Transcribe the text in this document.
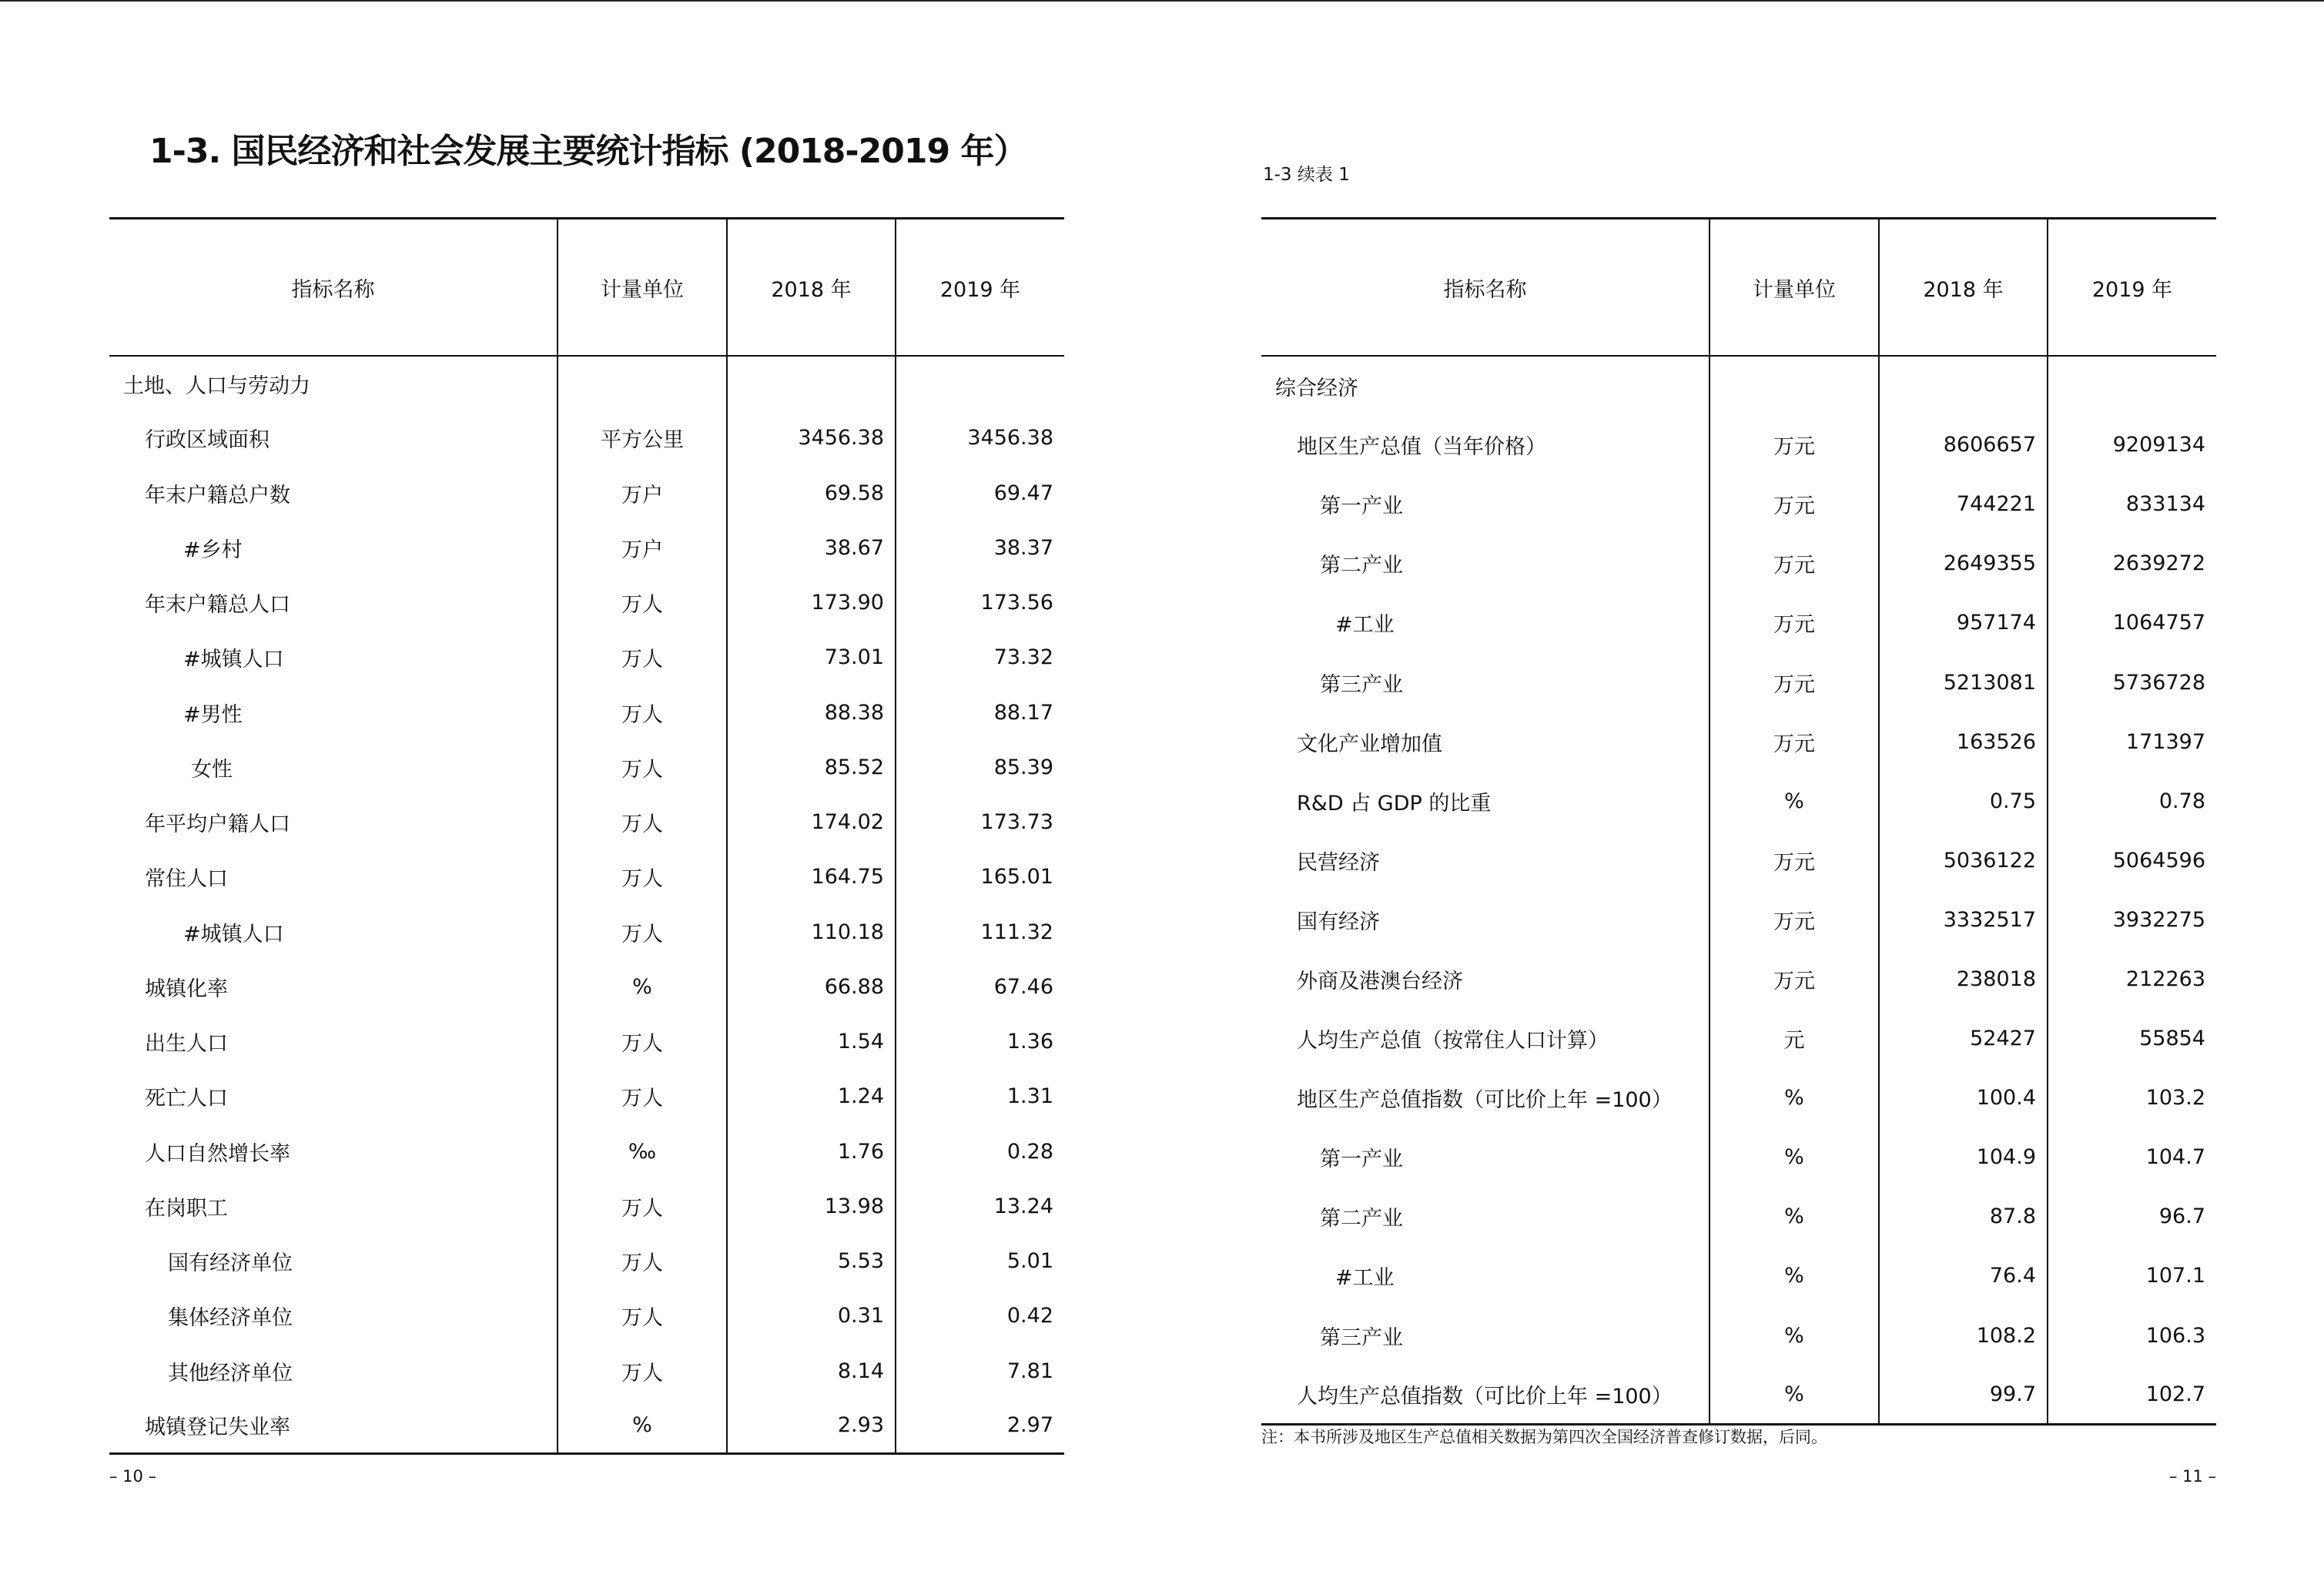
1-3. 国民经济和社会发展主要统计指标 (2018-2019 年）
指标名称	计量单位	2018 年	2019 年
土地、人口与劳动力			
行政区域面积	平方公里	3456.38	3456.38
年末户籍总户数	万户	69.58	69.47
#乡村	万户	38.67	38.37
年末户籍总人口	万人	173.90	173.56
#城镇人口	万人	73.01	73.32
#男性	万人	88.38	88.17
女性	万人	85.52	85.39
年平均户籍人口	万人	174.02	173.73
常住人口	万人	164.75	165.01
#城镇人口	万人	110.18	111.32
城镇化率	%	66.88	67.46
出生人口	万人	1.54	1.36
死亡人口	万人	1.24	1.31
人口自然增长率	‰	1.76	0.28
在岗职工	万人	13.98	13.24
国有经济单位	万人	5.53	5.01
集体经济单位	万人	0.31	0.42
其他经济单位	万人	8.14	7.81
城镇登记失业率	%	2.93	2.97

– 10 –

1-3 续表 1

指标名称	计量单位	2018 年	2019 年
综合经济			
地区生产总值（当年价格）	万元	8606657	9209134
第一产业	万元	744221	833134
第二产业	万元	2649355	2639272
#工业	万元	957174	1064757
第三产业	万元	5213081	5736728
文化产业增加值	万元	163526	171397
R&D 占 GDP 的比重	%	0.75	0.78
民营经济	万元	5036122	5064596
国有经济	万元	3332517	3932275
外商及港澳台经济	万元	238018	212263
人均生产总值（按常住人口计算）	元	52427	55854
地区生产总值指数（可比价上年 =100）	%	100.4	103.2
第一产业	%	104.9	104.7
第二产业	%	87.8	96.7
#工业	%	76.4	107.1
第三产业	%	108.2	106.3
人均生产总值指数（可比价上年 =100）	%	99.7	102.7

注：本书所涉及地区生产总值相关数据为第四次全国经济普查修订数据，后同。

– 11 –
